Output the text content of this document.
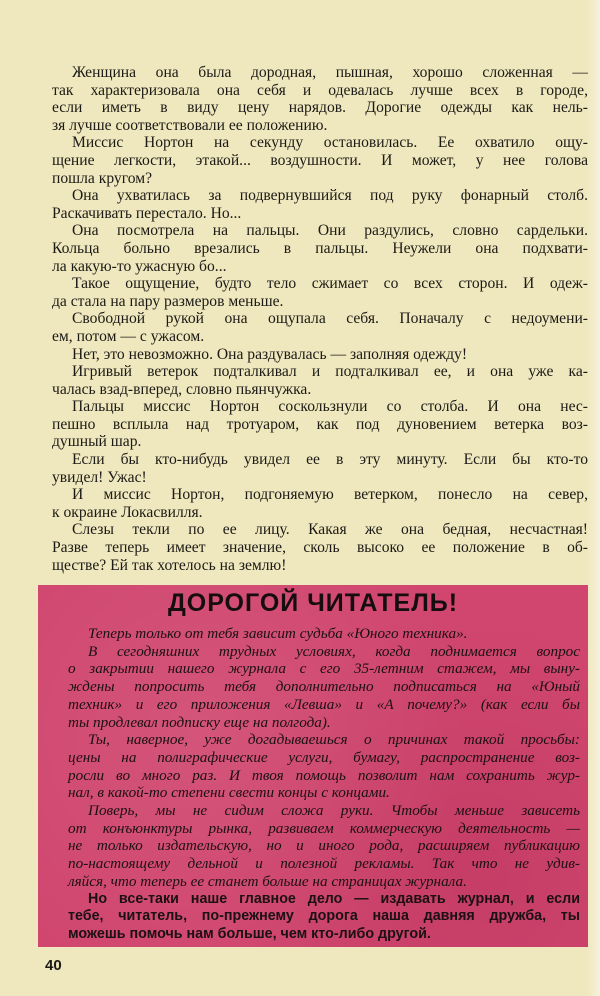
Женщина она была дородная, пышная, хорошо сложенная —
так характеризовала она себя и одевалась лучше всех в городе,
если иметь в виду цену нарядов. Дорогие одежды как нель-
зя лучше соответствовали ее положению.
Миссис Нортон на секунду остановилась. Ее охватило ощу-
щение легкости, этакой... воздушности. И может, у нее голова
пошла кругом?
Она ухватилась за подвернувшийся под руку фонарный столб.
Раскачивать перестало. Но...
Она посмотрела на пальцы. Они раздулись, словно сардельки.
Кольца больно врезались в пальцы. Неужели она подхвати-
ла какую-то ужасную бо...
Такое ощущение, будто тело сжимает со всех сторон. И одеж-
да стала на пару размеров меньше.
Свободной рукой она ощупала себя. Поначалу с недоумени-
ем, потом — с ужасом.
Нет, это невозможно. Она раздувалась — заполняя одежду!
Игривый ветерок подталкивал и подталкивал ее, и она уже ка-
чалась взад-вперед, словно пьянчужка.
Пальцы миссис Нортон соскользнули со столба. И она нес-
пешно всплыла над тротуаром, как под дуновением ветерка воз-
душный шар.
Если бы кто-нибудь увидел ее в эту минуту. Если бы кто-то
увидел! Ужас!
И миссис Нортон, подгоняемую ветерком, понесло на север,
к окраине Локасвилля.
Слезы текли по ее лицу. Какая же она бедная, несчастная!
Разве теперь имеет значение, сколь высоко ее положение в об-
ществе? Ей так хотелось на землю!
ДОРОГОЙ ЧИТАТЕЛЬ!
Теперь только от тебя зависит судьба «Юного техника».
В сегодняшних трудных условиях, когда поднимается вопрос
о закрытии нашего журнала с его 35-летним стажем, мы выну-
ждены попросить тебя дополнительно подписаться на «Юный
техник» и его приложения «Левша» и «А почему?» (как если бы
ты продлевал подписку еще на полгода).
Ты, наверное, уже догадываешься о причинах такой просьбы:
цены на полиграфические услуги, бумагу, распространение воз-
росли во много раз. И твоя помощь позволит нам сохранить жур-
нал, в какой-то степени свести концы с концами.
Поверь, мы не сидим сложа руки. Чтобы меньше зависеть
от конъюнктуры рынка, развиваем коммерческую деятельность —
не только издательскую, но и иного рода, расширяем публикацию
по-настоящему дельной и полезной рекламы. Так что не удив-
ляйся, что теперь ее станет больше на страницах журнала.
Но все-таки наше главное дело — издавать журнал, и если
тебе, читатель, по-прежнему дорога наша давняя дружба, ты
можешь помочь нам больше, чем кто-либо другой.
40
